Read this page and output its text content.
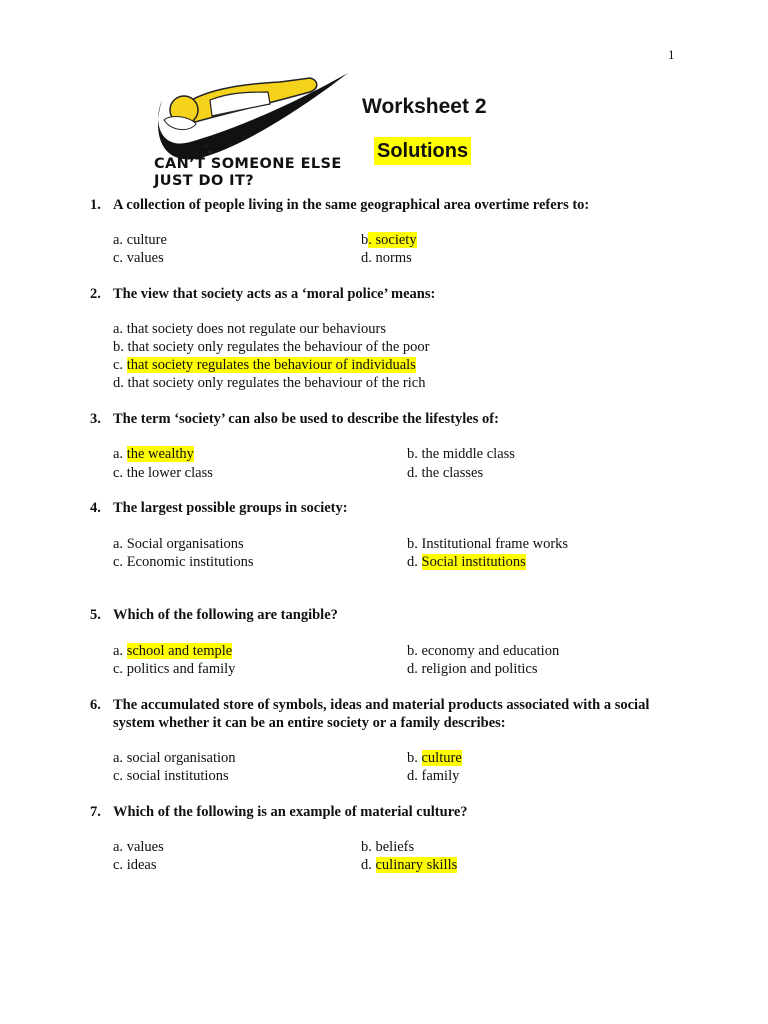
1
CAN’T SOMEONE ELSE
JUST DO IT?
Worksheet 2
Solutions
1. A collection of people living in the same geographical area overtime refers to:
a. culture	b. society
c. values	d. norms
2. The view that society acts as a ‘moral police’ means:
a. that society does not regulate our behaviours
b. that society only regulates the behaviour of the poor
c. that society regulates the behaviour of individuals
d. that society only regulates the behaviour of the rich
3. The term ‘society’ can also be used to describe the lifestyles of:
a. the wealthy	b. the middle class
c. the lower class	d. the classes
4. The largest possible groups in society:
a. Social organisations	b. Institutional frame works
c. Economic institutions	d. Social institutions
5. Which of the following are tangible?
a. school and temple	b. economy and education
c. politics and family	d. religion and politics
6. The accumulated store of symbols, ideas and material products associated with a social system whether it can be an entire society or a family describes:
a. social organisation	b. culture
c. social institutions	d. family
7. Which of the following is an example of material culture?
a. values	b. beliefs
c. ideas	d. culinary skills
